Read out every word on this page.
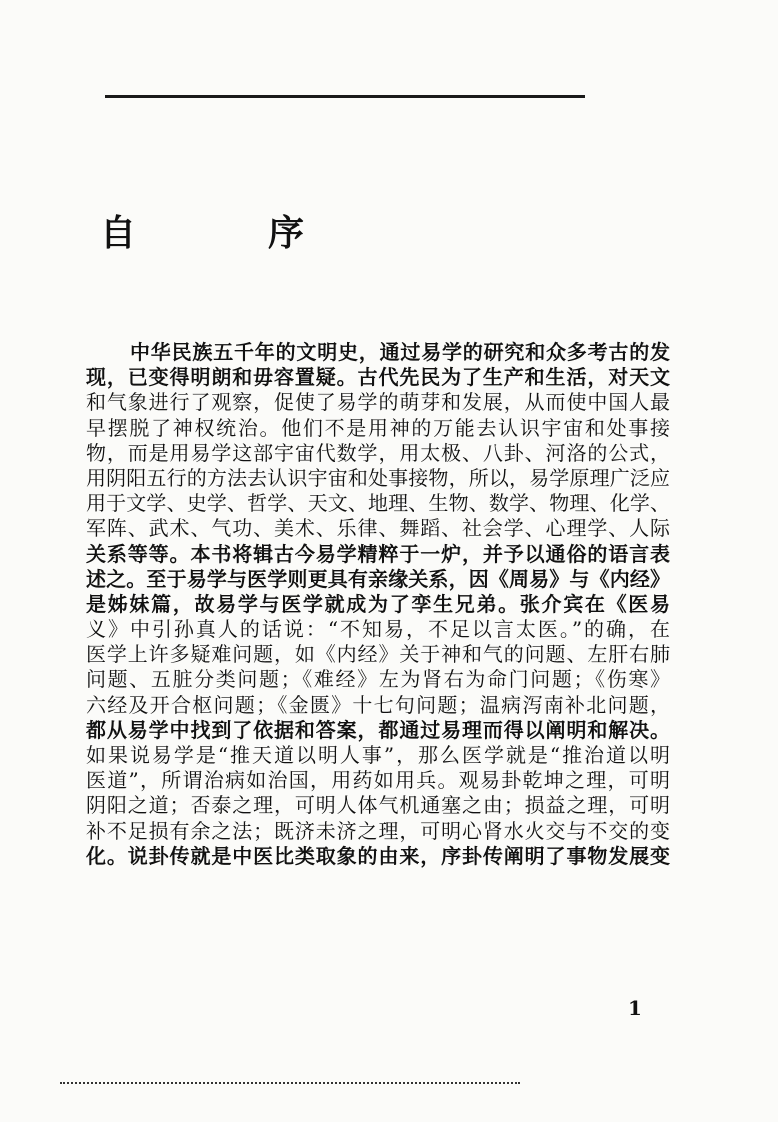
自　序
中华民族五千年的文明史，通过易学的研究和众多考古的发
现，已变得明朗和毋容置疑。古代先民为了生产和生活，对天文
和气象进行了观察，促使了易学的萌芽和发展，从而使中国人最
早摆脱了神权统治。他们不是用神的万能去认识宇宙和处事接
物，而是用易学这部宇宙代数学，用太极、八卦、河洛的公式，
用阴阳五行的方法去认识宇宙和处事接物，所以，易学原理广泛应
用于文学、史学、哲学、天文、地理、生物、数学、物理、化学、
军阵、武术、气功、美术、乐律、舞蹈、社会学、心理学、人际
关系等等。本书将辑古今易学精粹于一炉，并予以通俗的语言表
述之。至于易学与医学则更具有亲缘关系，因《周易》与《内经》
是姊妹篇，故易学与医学就成为了孪生兄弟。张介宾在《医易
义》中引孙真人的话说：“不知易，不足以言太医。”的确，在
医学上许多疑难问题，如《内经》关于神和气的问题、左肝右肺
问题、五脏分类问题；《难经》左为肾右为命门问题；《伤寒》
六经及开合枢问题；《金匮》十七句问题；温病泻南补北问题，
都从易学中找到了依据和答案，都通过易理而得以阐明和解决。
如果说易学是“推天道以明人事”，那么医学就是“推治道以明
医道”，所谓治病如治国，用药如用兵。观易卦乾坤之理，可明
阴阳之道；否泰之理，可明人体气机通塞之由；损益之理，可明
补不足损有余之法；既济未济之理，可明心肾水火交与不交的变
化。说卦传就是中医比类取象的由来，序卦传阐明了事物发展变
1
